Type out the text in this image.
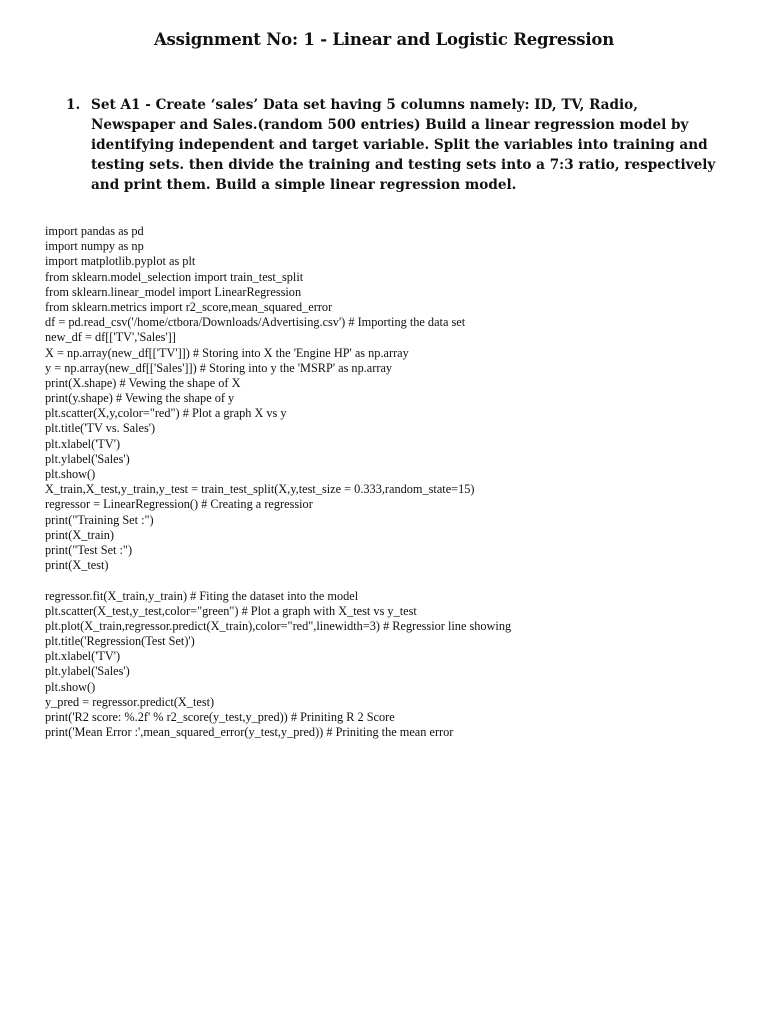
Assignment No: 1 - Linear and Logistic Regression
1. Set A1 - Create ‘sales’ Data set having 5 columns namely: ID, TV, Radio, Newspaper and Sales.(random 500 entries) Build a linear regression model by identifying independent and target variable. Split the variables into training and testing sets. then divide the training and testing sets into a 7:3 ratio, respectively and print them. Build a simple linear regression model.
import pandas as pd
import numpy as np
import matplotlib.pyplot as plt
from sklearn.model_selection import train_test_split
from sklearn.linear_model import LinearRegression
from sklearn.metrics import r2_score,mean_squared_error
df = pd.read_csv('/home/ctbora/Downloads/Advertising.csv') # Importing the data set
new_df = df[['TV','Sales']]
X = np.array(new_df[['TV']]) # Storing into X the 'Engine HP' as np.array
y = np.array(new_df[['Sales']]) # Storing into y the 'MSRP' as np.array
print(X.shape) # Vewing the shape of X
print(y.shape) # Vewing the shape of y
plt.scatter(X,y,color="red") # Plot a graph X vs y
plt.title('TV vs. Sales')
plt.xlabel('TV')
plt.ylabel('Sales')
plt.show()
X_train,X_test,y_train,y_test = train_test_split(X,y,test_size = 0.333,random_state=15)
regressor = LinearRegression() # Creating a regressior
print("Training Set :")
print(X_train)
print("Test Set :")
print(X_test)
regressor.fit(X_train,y_train) # Fiting the dataset into the model
plt.scatter(X_test,y_test,color="green") # Plot a graph with X_test vs y_test
plt.plot(X_train,regressor.predict(X_train),color="red",linewidth=3) # Regressior line showing
plt.title('Regression(Test Set)')
plt.xlabel('TV')
plt.ylabel('Sales')
plt.show()
y_pred = regressor.predict(X_test)
print('R2 score: %.2f' % r2_score(y_test,y_pred)) # Priniting R 2 Score
print('Mean Error :',mean_squared_error(y_test,y_pred)) # Priniting the mean error
